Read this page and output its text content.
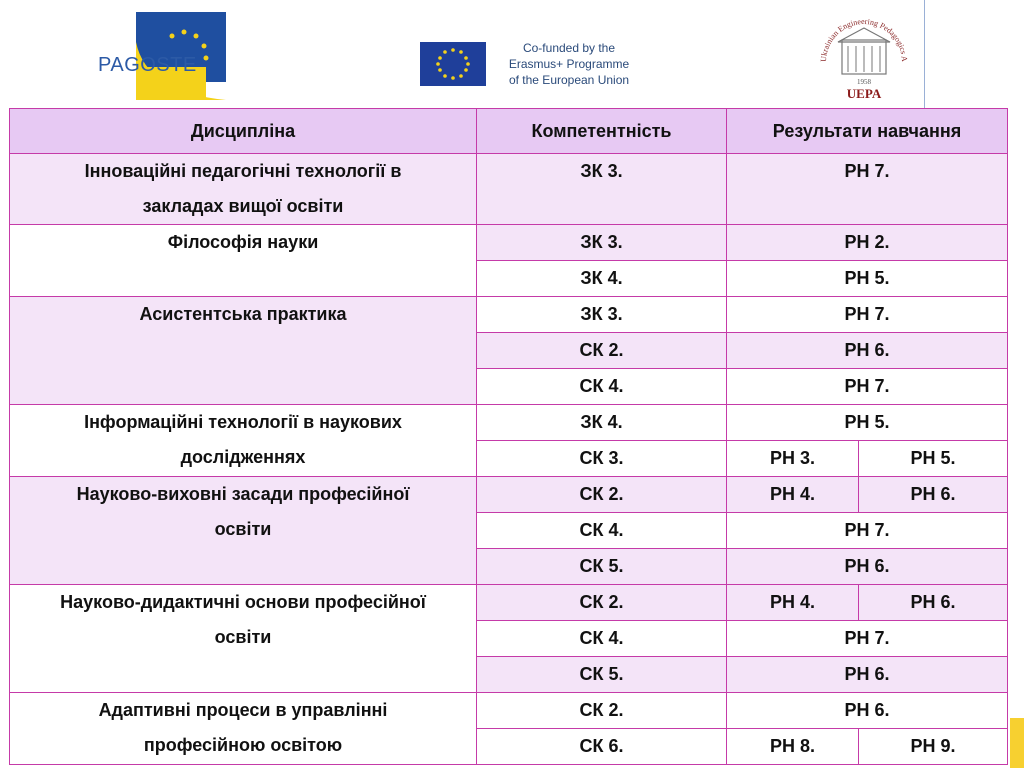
PAGOSTE
Co-funded by the
Erasmus+ Programme
of the European Union
Ukrainian Engineering Pedagogics A
1958
UEPA
Дисципліна	Компетентність	Результати навчання	

Інноваційні педагогічні технології в
закладах вищої освіти	ЗК 3.	РН 7.	

Філософія науки	ЗК 3.	РН 2.	
	ЗК 4.	РН 5.	

Асистентська практика	ЗК 3.	РН 7.	
	СК 2.	РН 6.	
	СК 4.	РН 7.	

Інформаційні технології в наукових
дослідженнях	ЗК 4.	РН 5.	
	СК 3.	РН 3.	РН 5.

Науково-виховні засади професійної
освіти	СК 2.	РН 4.	РН 6.
	СК 4.	РН 7.	
	СК 5.	РН 6.	

Науково-дидактичні основи професійної
освіти	СК 2.	РН 4.	РН 6.
	СК 4.	РН 7.	
	СК 5.	РН 6.	

Адаптивні процеси в управлінні
професійною освітою	СК 2.	РН 6.	
	СК 6.	РН 8.	РН 9.
